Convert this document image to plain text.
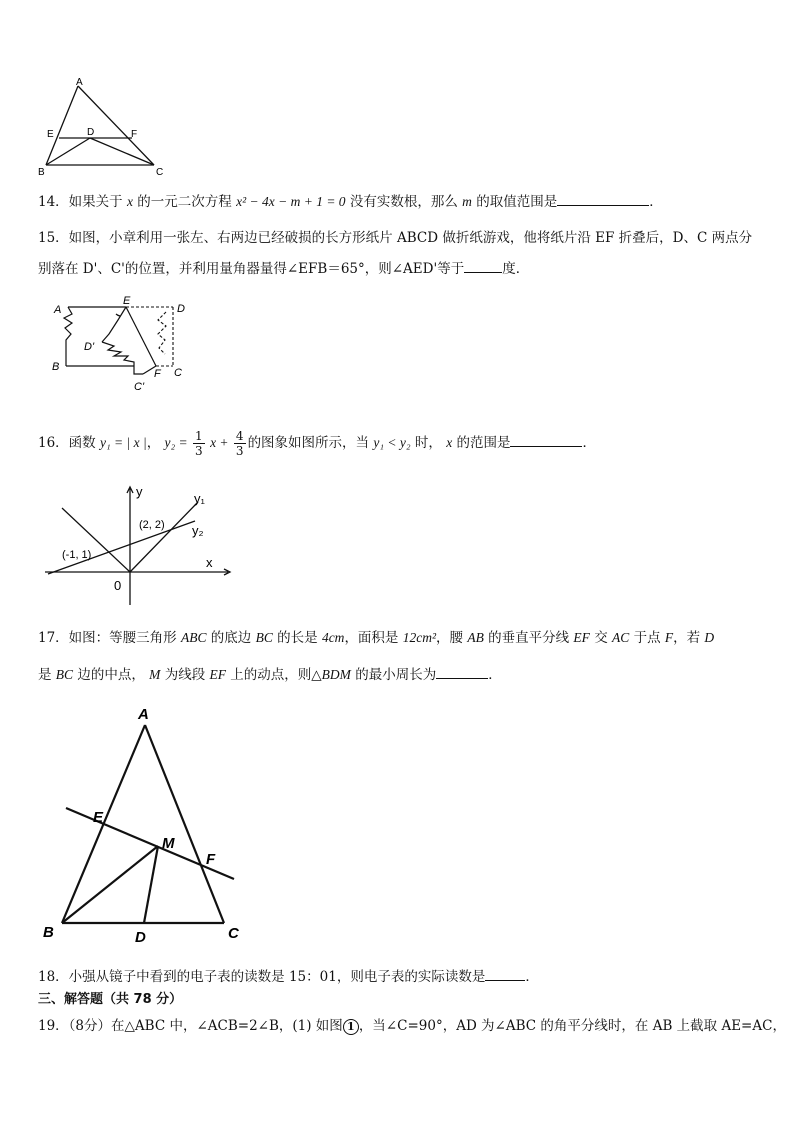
A
E	D	F
B	C
14．如果关于 x 的一元二次方程 x² − 4x − m + 1 = 0 没有实数根，那么 m 的取值范围是	．
15．如图，小章利用一张左、右两边已经破损的长方形纸片 ABCD 做折纸游戏，他将纸片沿 EF 折叠后，D、C 两点分
别落在 D'、C'的位置，并利用量角器量得∠EFB＝65°，则∠AED'等于	度．
A
E
D
D'
B
F C
C'
16．函数 y₁ = | x |， $y_2 = \frac{1}{3}$ $x + \frac{4}{3}$ 的图象如图所示，当 y₁ < y₂ 时， x 的范围是	．
y
x
y₁
y₂
(2, 2)
(-1, 1)
0
17．如图：等腰三角形 ABC 的底边 BC 的长是 4cm，面积是 12cm²，腰 AB 的垂直平分线 EF 交 AC 于点 F，若 D
是 BC 边的中点， M 为线段 EF 上的动点，则△BDM 的最小周长为	．
A
E
M
F
B	D	C
18．小强从镜子中看到的电子表的读数是 15：01，则电子表的实际读数是	．
三、解答题（共 78 分）
19．（8分）在△ABC 中，∠ACB=2∠B，(1) 如图 1 ，当∠C=90°，AD 为∠ABC 的角平分线时，在 AB 上截取 AE=AC，
